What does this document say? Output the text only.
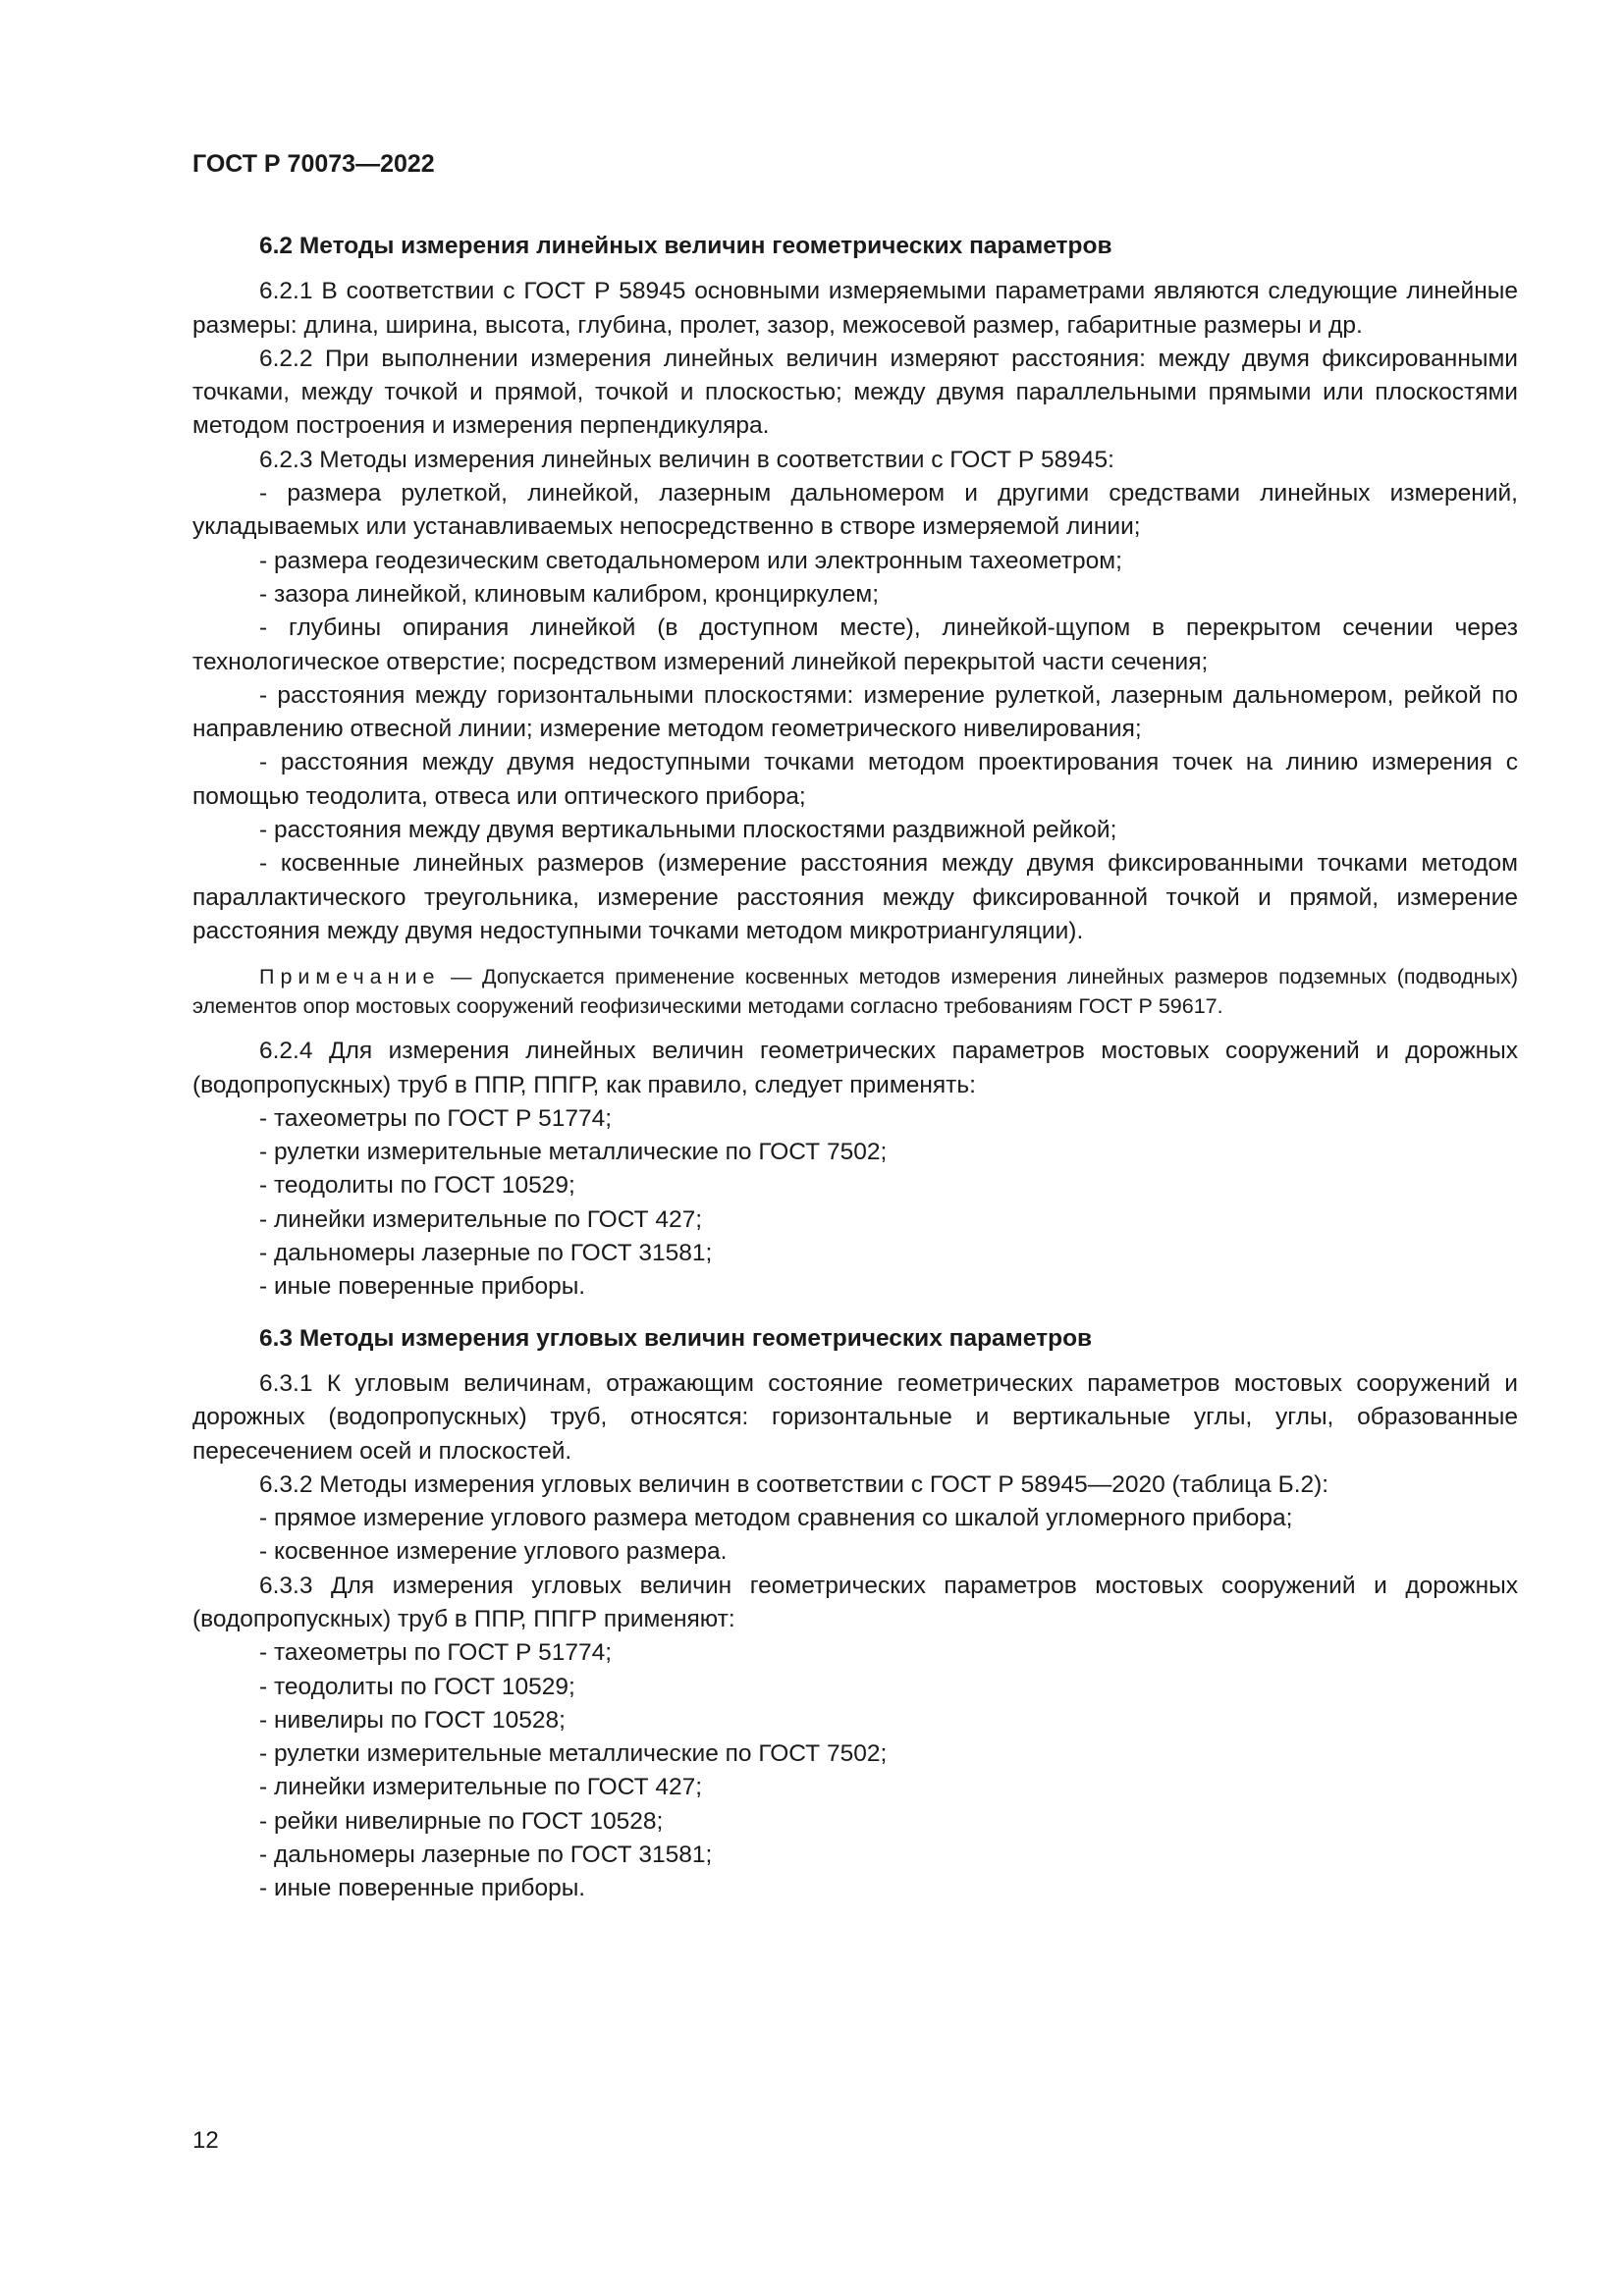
ГОСТ Р 70073—2022

6.2 Методы измерения линейных величин геометрических параметров

6.2.1 В соответствии с ГОСТ Р 58945 основными измеряемыми параметрами являются следующие линейные размеры: длина, ширина, высота, глубина, пролет, зазор, межосевой размер, габаритные размеры и др.

6.2.2 При выполнении измерения линейных величин измеряют расстояния: между двумя фиксированными точками, между точкой и прямой, точкой и плоскостью; между двумя параллельными прямыми или плоскостями методом построения и измерения перпендикуляра.

6.2.3 Методы измерения линейных величин в соответствии с ГОСТ Р 58945:

- размера рулеткой, линейкой, лазерным дальномером и другими средствами линейных измерений, укладываемых или устанавливаемых непосредственно в створе измеряемой линии;

- размера геодезическим светодальномером или электронным тахеометром;

- зазора линейкой, клиновым калибром, кронциркулем;

- глубины опирания линейкой (в доступном месте), линейкой-щупом в перекрытом сечении через технологическое отверстие; посредством измерений линейкой перекрытой части сечения;

- расстояния между горизонтальными плоскостями: измерение рулеткой, лазерным дальномером, рейкой по направлению отвесной линии; измерение методом геометрического нивелирования;

- расстояния между двумя недоступными точками методом проектирования точек на линию измерения с помощью теодолита, отвеса или оптического прибора;

- расстояния между двумя вертикальными плоскостями раздвижной рейкой;

- косвенные линейных размеров (измерение расстояния между двумя фиксированными точками методом параллактического треугольника, измерение расстояния между фиксированной точкой и прямой, измерение расстояния между двумя недоступными точками методом микротриангуляции).

Примечание — Допускается применение косвенных методов измерения линейных размеров подземных (подводных) элементов опор мостовых сооружений геофизическими методами согласно требованиям ГОСТ Р 59617.

6.2.4 Для измерения линейных величин геометрических параметров мостовых сооружений и дорожных (водопропускных) труб в ППР, ППГР, как правило, следует применять:

- тахеометры по ГОСТ Р 51774;

- рулетки измерительные металлические по ГОСТ 7502;

- теодолиты по ГОСТ 10529;

- линейки измерительные по ГОСТ 427;

- дальномеры лазерные по ГОСТ 31581;

- иные поверенные приборы.

6.3 Методы измерения угловых величин геометрических параметров

6.3.1 К угловым величинам, отражающим состояние геометрических параметров мостовых сооружений и дорожных (водопропускных) труб, относятся: горизонтальные и вертикальные углы, углы, образованные пересечением осей и плоскостей.

6.3.2 Методы измерения угловых величин в соответствии с ГОСТ Р 58945—2020 (таблица Б.2):

- прямое измерение углового размера методом сравнения со шкалой угломерного прибора;

- косвенное измерение углового размера.

6.3.3 Для измерения угловых величин геометрических параметров мостовых сооружений и дорожных (водопропускных) труб в ППР, ППГР применяют:

- тахеометры по ГОСТ Р 51774;

- теодолиты по ГОСТ 10529;

- нивелиры по ГОСТ 10528;

- рулетки измерительные металлические по ГОСТ 7502;

- линейки измерительные по ГОСТ 427;

- рейки нивелирные по ГОСТ 10528;

- дальномеры лазерные по ГОСТ 31581;

- иные поверенные приборы.

12
